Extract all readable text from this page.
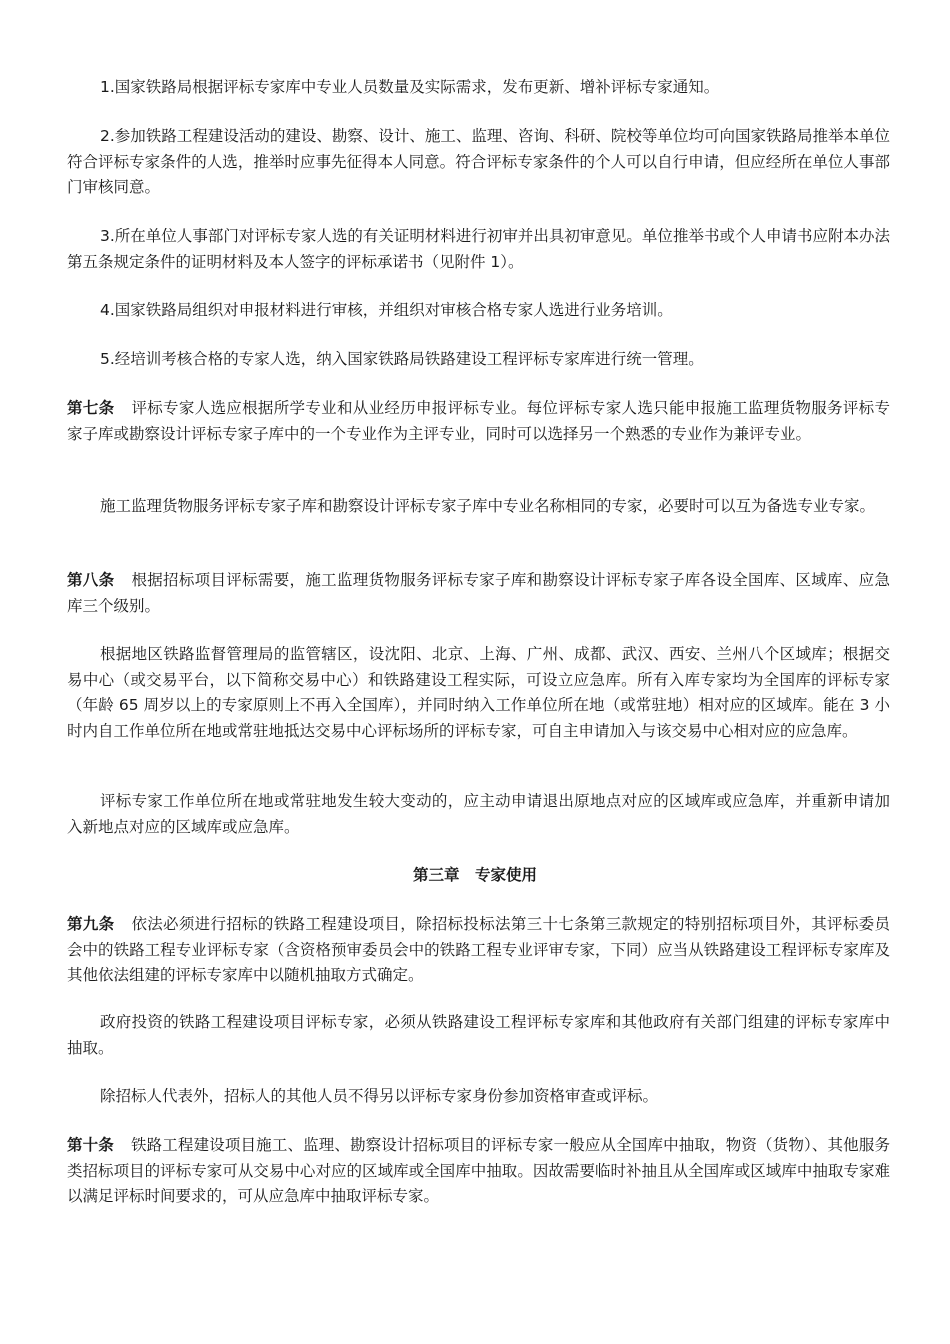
1.国家铁路局根据评标专家库中专业人员数量及实际需求，发布更新、增补评标专家通知。

2.参加铁路工程建设活动的建设、勘察、设计、施工、监理、咨询、科研、院校等单位均可向国家铁路局推举本单位符合评标专家条件的人选，推举时应事先征得本人同意。符合评标专家条件的个人可以自行申请，但应经所在单位人事部门审核同意。

3.所在单位人事部门对评标专家人选的有关证明材料进行初审并出具初审意见。单位推举书或个人申请书应附本办法第五条规定条件的证明材料及本人签字的评标承诺书（见附件 1）。

4.国家铁路局组织对申报材料进行审核，并组织对审核合格专家人选进行业务培训。

5.经培训考核合格的专家人选，纳入国家铁路局铁路建设工程评标专家库进行统一管理。

第七条 评标专家人选应根据所学专业和从业经历申报评标专业。每位评标专家人选只能申报施工监理货物服务评标专家子库或勘察设计评标专家子库中的一个专业作为主评专业，同时可以选择另一个熟悉的专业作为兼评专业。

施工监理货物服务评标专家子库和勘察设计评标专家子库中专业名称相同的专家，必要时可以互为备选专业专家。

第八条 根据招标项目评标需要，施工监理货物服务评标专家子库和勘察设计评标专家子库各设全国库、区域库、应急库三个级别。

根据地区铁路监督管理局的监管辖区，设沈阳、北京、上海、广州、成都、武汉、西安、兰州八个区域库；根据交易中心（或交易平台，以下简称交易中心）和铁路建设工程实际，可设立应急库。所有入库专家均为全国库的评标专家（年龄 65 周岁以上的专家原则上不再入全国库），并同时纳入工作单位所在地（或常驻地）相对应的区域库。能在 3 小时内自工作单位所在地或常驻地抵达交易中心评标场所的评标专家，可自主申请加入与该交易中心相对应的应急库。

评标专家工作单位所在地或常驻地发生较大变动的，应主动申请退出原地点对应的区域库或应急库，并重新申请加入新地点对应的区域库或应急库。

第三章　专家使用

第九条 依法必须进行招标的铁路工程建设项目，除招标投标法第三十七条第三款规定的特别招标项目外，其评标委员会中的铁路工程专业评标专家（含资格预审委员会中的铁路工程专业评审专家，下同）应当从铁路建设工程评标专家库及其他依法组建的评标专家库中以随机抽取方式确定。

政府投资的铁路工程建设项目评标专家，必须从铁路建设工程评标专家库和其他政府有关部门组建的评标专家库中抽取。

除招标人代表外，招标人的其他人员不得另以评标专家身份参加资格审查或评标。

第十条 铁路工程建设项目施工、监理、勘察设计招标项目的评标专家一般应从全国库中抽取，物资（货物）、其他服务类招标项目的评标专家可从交易中心对应的区域库或全国库中抽取。因故需要临时补抽且从全国库或区域库中抽取专家难以满足评标时间要求的，可从应急库中抽取评标专家。
